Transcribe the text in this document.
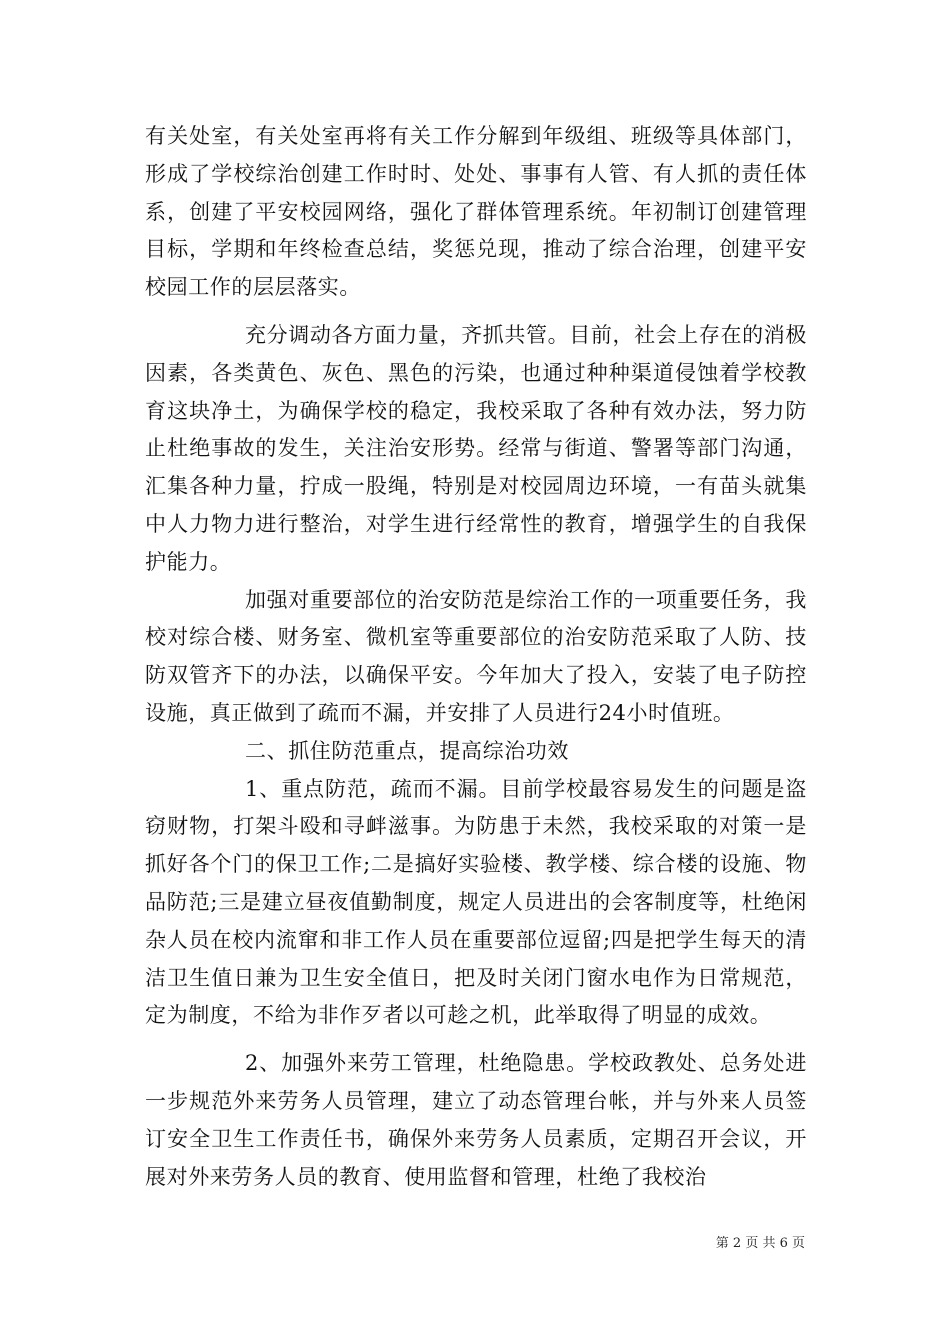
有关处室，有关处室再将有关工作分解到年级组、班级等具体部门，形成了学校综治创建工作时时、处处、事事有人管、有人抓的责任体系，创建了平安校园网络，强化了群体管理系统。年初制订创建管理目标，学期和年终检查总结，奖惩兑现，推动了综合治理，创建平安校园工作的层层落实。

充分调动各方面力量，齐抓共管。目前，社会上存在的消极因素，各类黄色、灰色、黑色的污染，也通过种种渠道侵蚀着学校教育这块净土，为确保学校的稳定，我校采取了各种有效办法，努力防止杜绝事故的发生，关注治安形势。经常与街道、警署等部门沟通，汇集各种力量，拧成一股绳，特别是对校园周边环境，一有苗头就集中人力物力进行整治，对学生进行经常性的教育，增强学生的自我保护能力。

加强对重要部位的治安防范是综治工作的一项重要任务，我校对综合楼、财务室、微机室等重要部位的治安防范采取了人防、技防双管齐下的办法，以确保平安。今年加大了投入，安装了电子防控设施，真正做到了疏而不漏，并安排了人员进行24小时值班。

二、抓住防范重点，提高综治功效

1、重点防范，疏而不漏。目前学校最容易发生的问题是盗窃财物，打架斗殴和寻衅滋事。为防患于未然，我校采取的对策一是抓好各个门的保卫工作;二是搞好实验楼、教学楼、综合楼的设施、物品防范;三是建立昼夜值勤制度，规定人员进出的会客制度等，杜绝闲杂人员在校内流窜和非工作人员在重要部位逗留;四是把学生每天的清洁卫生值日兼为卫生安全值日，把及时关闭门窗水电作为日常规范，定为制度，不给为非作歹者以可趁之机，此举取得了明显的成效。

2、加强外来劳工管理，杜绝隐患。学校政教处、总务处进一步规范外来劳务人员管理，建立了动态管理台帐，并与外来人员签订安全卫生工作责任书，确保外来劳务人员素质，定期召开会议，开展对外来劳务人员的教育、使用监督和管理，杜绝了我校治

第 2 页 共 6 页
